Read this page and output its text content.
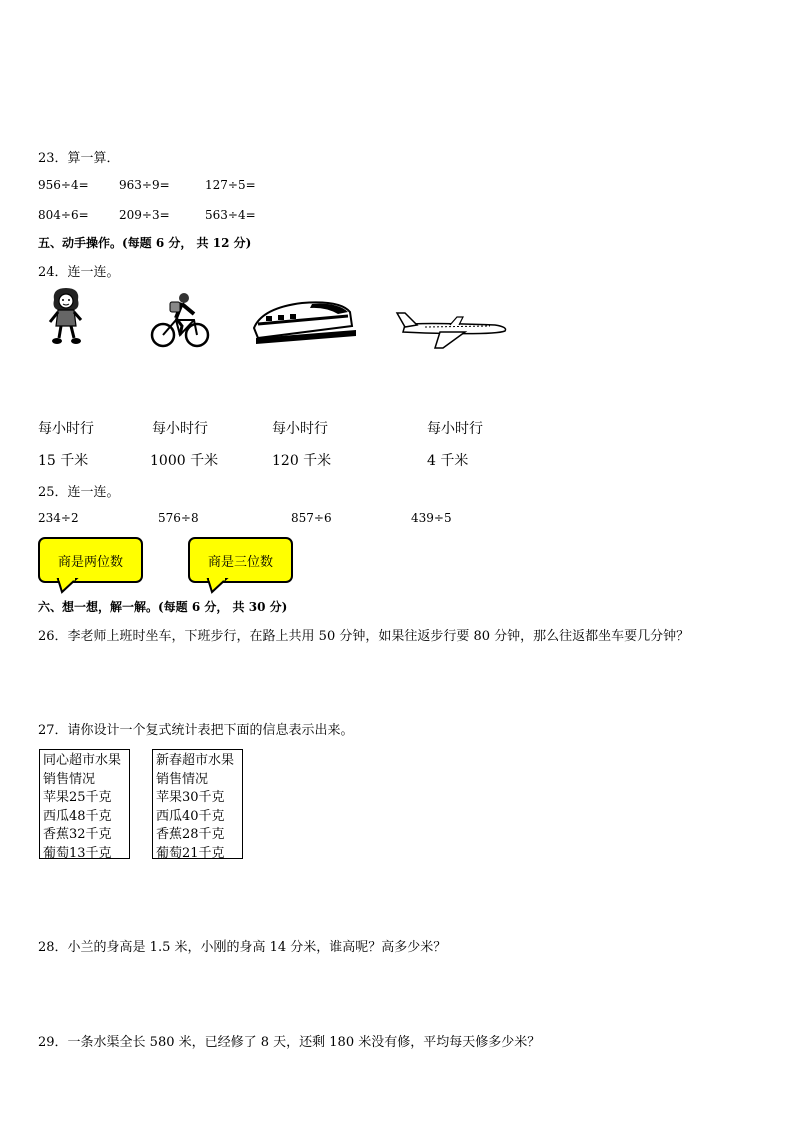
23．算一算．
956÷4=	963÷9=	127÷5=
804÷6=	209÷3=	563÷4=
五、动手操作。(每题 6 分， 共 12 分)
24．连一连。
每小时行	每小时行	每小时行	每小时行
15 千米	1000 千米	120 千米	4 千米
25．连一连。
234÷2	576÷8	857÷6	439÷5
商是两位数	商是三位数
六、想一想，解一解。(每题 6 分， 共 30 分)
26．李老师上班时坐车，下班步行，在路上共用 50 分钟，如果往返步行要 80 分钟，那么往返都坐车要几分钟？
27．请你设计一个复式统计表把下面的信息表示出来。
同心超市水果
销售情况
苹果25千克
西瓜48千克
香蕉32千克
葡萄13千克
新春超市水果
销售情况
苹果30千克
西瓜40千克
香蕉28千克
葡萄21千克
28．小兰的身高是 1.5 米，小刚的身高 14 分米，谁高呢？高多少米？
29．一条水渠全长 580 米，已经修了 8 天，还剩 180 米没有修，平均每天修多少米？
